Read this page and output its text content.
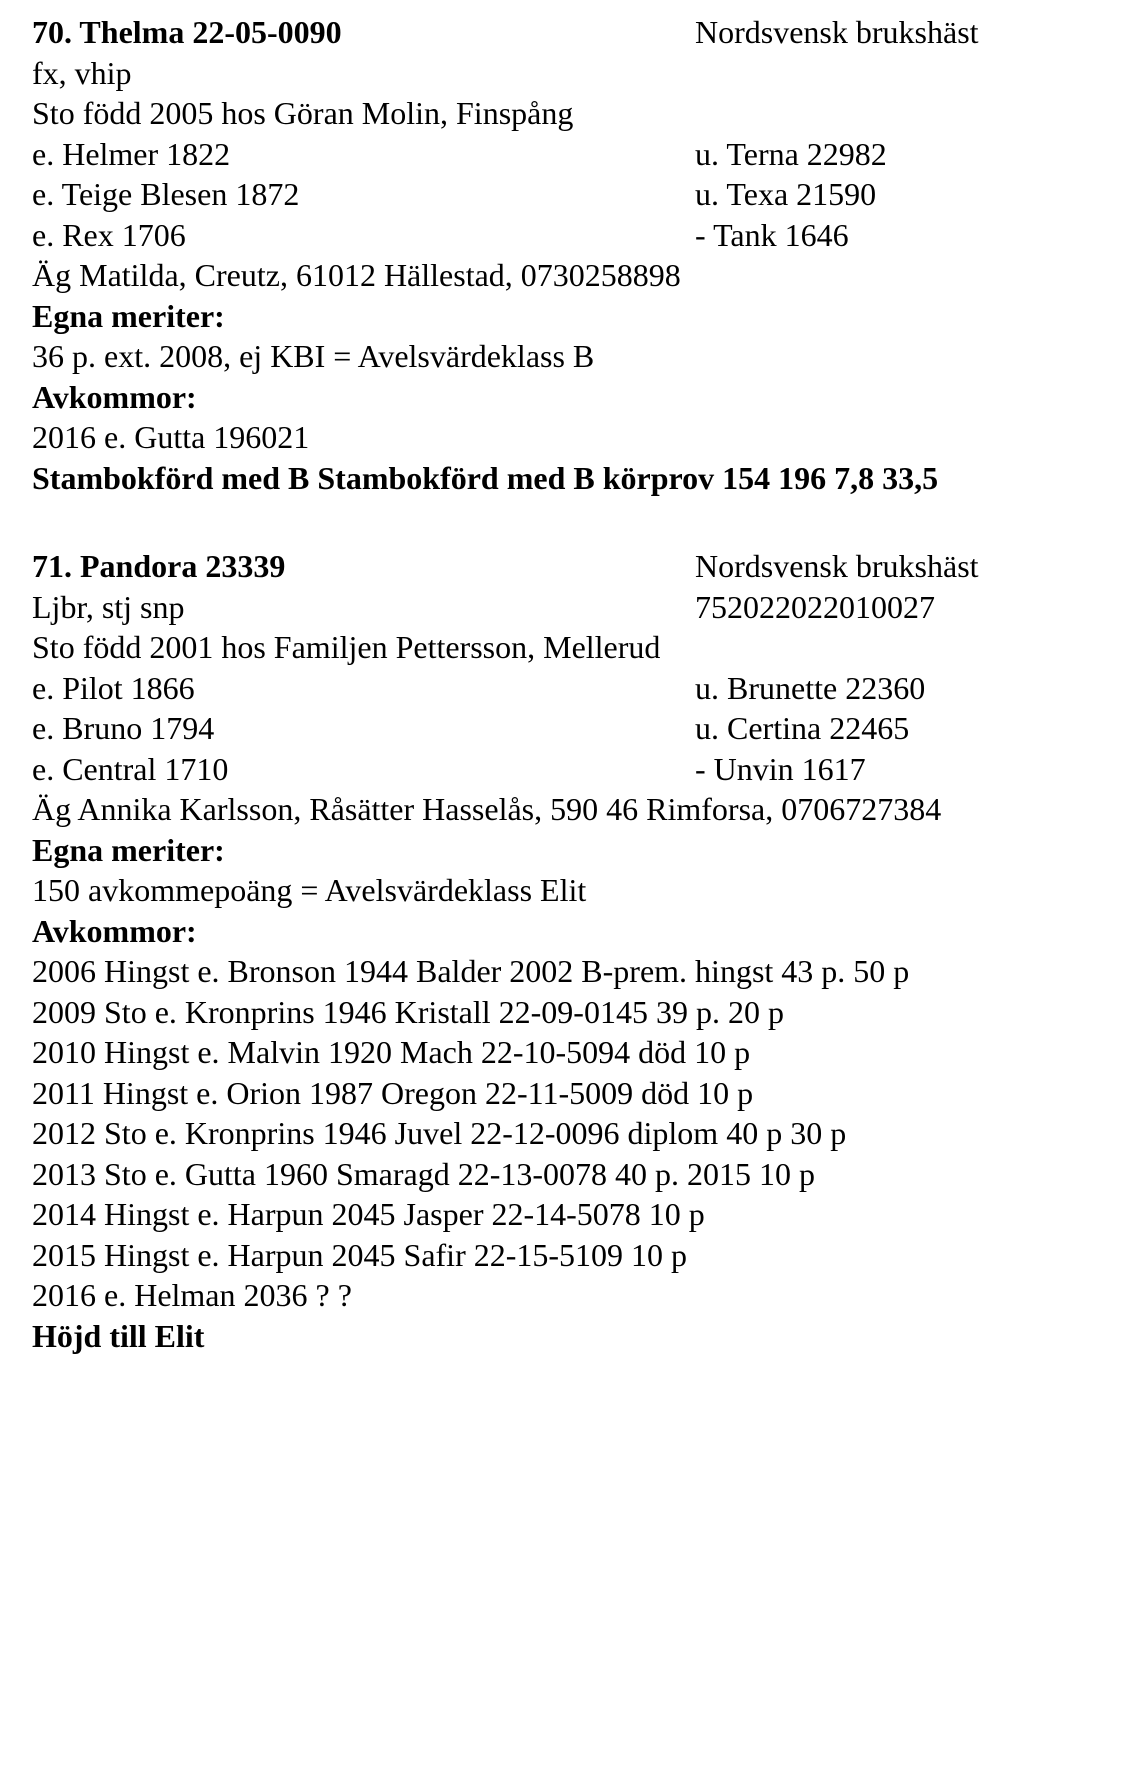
70. Thelma 22-05-0090	Nordsvensk brukshäst
fx, vhip
Sto född 2005 hos Göran Molin, Finspång
e. Helmer 1822	u. Terna 22982
e. Teige Blesen 1872	u. Texa 21590
e. Rex 1706	- Tank 1646
Äg Matilda, Creutz, 61012 Hällestad, 0730258898
Egna meriter:
36 p. ext. 2008, ej KBI = Avelsvärdeklass B
Avkommor:
2016 e. Gutta 196021
Stambokförd med B Stambokförd med B körprov 154 196 7,8 33,5
71. Pandora 23339	Nordsvensk brukshäst
Ljbr, stj snp	752022022010027
Sto född 2001 hos Familjen Pettersson, Mellerud
e. Pilot 1866	u. Brunette 22360
e. Bruno 1794	u. Certina 22465
e. Central 1710	- Unvin 1617
Äg Annika Karlsson, Råsätter Hasselås, 590 46 Rimforsa, 0706727384
Egna meriter:
150 avkommepoäng = Avelsvärdeklass Elit
Avkommor:
2006 Hingst e. Bronson 1944 Balder 2002 B-prem. hingst 43 p. 50 p
2009 Sto e. Kronprins 1946 Kristall 22-09-0145 39 p. 20 p
2010 Hingst e. Malvin 1920 Mach 22-10-5094 död 10 p
2011 Hingst e. Orion 1987 Oregon 22-11-5009 död 10 p
2012 Sto e. Kronprins 1946 Juvel 22-12-0096 diplom 40 p 30 p
2013 Sto e. Gutta 1960 Smaragd 22-13-0078 40 p. 2015 10 p
2014 Hingst e. Harpun 2045 Jasper 22-14-5078 10 p
2015 Hingst e. Harpun 2045 Safir 22-15-5109 10 p
2016 e. Helman 2036 ? ?
Höjd till Elit
